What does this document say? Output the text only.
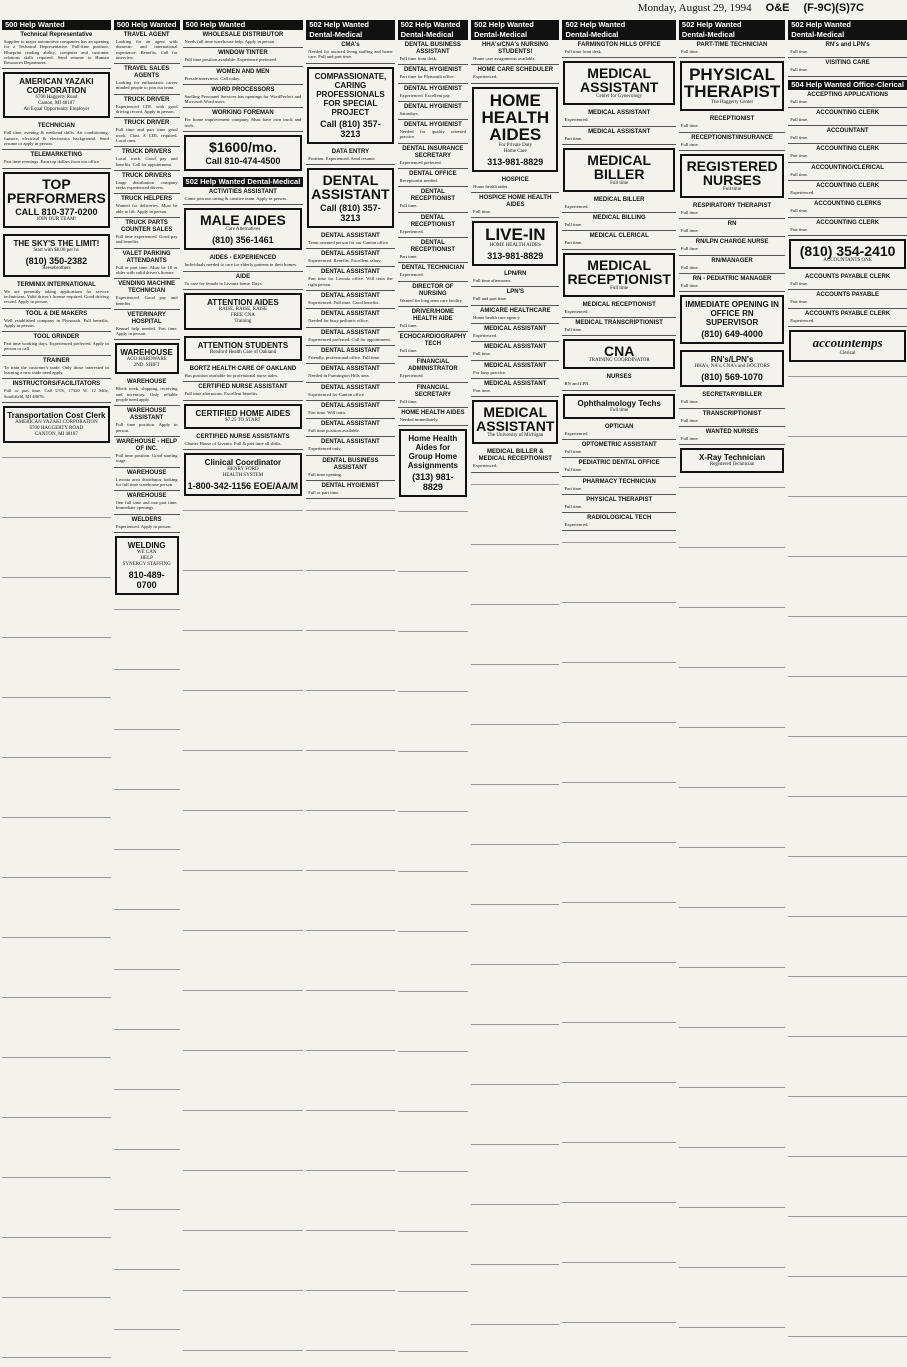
Monday, August 29, 1994 O&E (F-9C)(S)7C
500 Help Wanted
Technical Representative
Supplier to major automotive companies has an opening for a Technical Representative. Full-time position. Blueprint reading ability, computer and customer relations skills required. Send resume to Human Resources Department.
AMERICAN YAZAKI CORPORATION
6700 Haggerty Road
Canton, MI 48187
An Equal Opportunity Employer
TECHNICIAN
Full time, evening & weekend shifts. Air conditioning, furnace, electrical & electronics background. Send resume or apply in person.
TELEMARKETING
Part time evenings. Earn top dollars from our office.
TOP PERFORMERS
CALL 810-377-0200
JOIN OUR TEAM!
THE SKY'S THE LIMIT!
Start with $8.00 per hr.
(810) 350-2382
Reesebrothers
TERMINIX INTERNATIONAL
We are presently taking applications for service technicians. Valid driver's license required. Good driving record. Apply in person.
TOOL & DIE MAKERS
Well established company in Plymouth. Full benefits. Apply in person.
TOOL GRINDER
Part time working days. Experienced preferred. Apply in person or call.
TRAINER
To train the customer's trade. Only those interested in learning a new trade need apply.
INSTRUCTORS/FACILITATORS
Full or part time. Call UTS, 17320 W. 12 Mile, Southfield, MI 48076.
Transportation Cost Clerk
AMERICAN YAZAKI CORPORATION
6700 HAGGERTY ROAD
CANTON, MI 48187
500 Help Wanted
TRAVEL AGENT
Looking for an agent with domestic and international experience. Benefits. Call for interview.
TRAVEL SALES AGENTS
Looking for enthusiastic career minded people to join our team.
TRUCK DRIVER
Experienced CDL with good driving record. Apply in person.
TRUCK DRIVER
Full time and part time good work. Class A CDL required. Local runs.
TRUCK DRIVERS
Local work. Good pay and benefits. Call for appointment.
TRUCK DRIVERS
Large distribution company seeks experienced drivers.
TRUCK HELPERS
Wanted for deliveries. Must be able to lift. Apply in person.
TRUCK PARTS COUNTER SALES
Full time experienced. Good pay and benefits.
VALET PARKING ATTENDANTS
Full or part time. Must be 18 or older with valid driver's license.
VENDING MACHINE TECHNICIAN
Experienced. Good pay and benefits.
VETERINARY HOSPITAL
Kennel help needed. Part time. Apply in person.
WAREHOUSE
ACO HARDWARE
2ND. SHIFT
WAREHOUSE
Block work, shipping, receiving and inventory. Only reliable people need apply.
WAREHOUSE ASSISTANT
Full time position. Apply in person.
WAREHOUSE - HELP OF INC.
Full time position. Good starting wage.
WAREHOUSE
Livonia area distributor looking for full time warehouse person.
WAREHOUSE
One full time and one part time. Immediate openings.
WELDERS
Experienced. Apply in person.
WELDING
WE CAN
HELP
SYNERGY STAFFING
810-489-0700
500 Help Wanted
WHOLESALE DISTRIBUTOR
Needs full time warehouse help. Apply in person.
WINDOW TINTER
Full time position available. Experience preferred.
WOMEN AND MEN
Presale interviews. Call today.
WORD PROCESSORS
Snelling Personnel Services has openings for WordPerfect and Microsoft Word users.
WORKING FOREMAN
For home improvement company. Must have own truck and tools.
$1600/mo.
Call 810-474-4500
502 Help Wanted Dental-Medical
ACTIVITIES ASSISTANT
Come join our caring & creative team. Apply in person.
MALE AIDES
Care Alternatives
(810) 356-1461
AIDES - EXPERIENCED
Individuals needed to care for elderly patients in their homes.
AIDE
To care for female in Livonia home. Days.
ATTENTION AIDES
RAISE, RAISE, RAISE
FREE CNA
Training
ATTENTION STUDENTS
Botsford Health Care of Oakland
BORTZ HEALTH CARE OF OAKLAND
Has position available for professional nurse aides.
CERTIFIED NURSE ASSISTANT
Full time afternoons. Excellent benefits.
CERTIFIED HOME AIDES
$7.25 TO START
CERTIFIED NURSE ASSISTANTS
Charter House of Livonia. Full & part time all shifts.
Clinical Coordinator
HENRY FORD
HEALTH SYSTEM
1-800-342-1156 EOE/AA/M
502 Help Wanted
Dental-Medical
CMA's
Needed for assisted living staffing and home care. Full and part time.
COMPASSIONATE, CARING PROFESSIONALS FOR SPECIAL PROJECT
Call (810) 357-3213
DATA ENTRY
Position. Experienced. Send resume.
DENTAL ASSISTANT
Call (810) 357-3213
DENTAL ASSISTANT
Team oriented person for our Canton office.
DENTAL ASSISTANT
Experienced. Benefits. Excellent salary.
DENTAL ASSISTANT
Part time for Livonia office. Will train the right person.
DENTAL ASSISTANT
Experienced. Full time. Good benefits.
DENTAL ASSISTANT
Needed for busy pediatric office.
DENTAL ASSISTANT
Experienced preferred. Call for appointment.
DENTAL ASSISTANT
Friendly, professional office. Full time.
DENTAL ASSISTANT
Needed in Farmington Hills area.
DENTAL ASSISTANT
Experienced for Canton office.
DENTAL ASSISTANT
Part time. Will train.
DENTAL ASSISTANT
Full time position available.
DENTAL ASSISTANT
Experienced only.
DENTAL BUSINESS ASSISTANT
Full time opening.
DENTAL HYGIENIST
Full or part time.
502 Help Wanted
Dental-Medical
DENTAL BUSINESS ASSISTANT
Full time front desk.
DENTAL HYGIENIST
Part time for Plymouth office.
DENTAL HYGIENIST
Experienced. Excellent pay.
DENTAL HYGIENIST
Saturdays.
DENTAL HYGIENIST
Needed for quality oriented practice.
DENTAL INSURANCE SECRETARY
Experienced preferred.
DENTAL OFFICE
Receptionist needed.
DENTAL RECEPTIONIST
Full time.
DENTAL RECEPTIONIST
Experienced.
DENTAL RECEPTIONIST
Part time.
DENTAL TECHNICIAN
Experienced.
DIRECTOR OF NURSING
Wanted for long term care facility.
DRIVER/HOME HEALTH AIDE
Full time.
ECHOCARDIOGRAPHY TECH
Full time.
FINANCIAL ADMINISTRATOR
Experienced.
FINANCIAL SECRETARY
Full time.
HOME HEALTH AIDES
Needed immediately.
Home Health Aides for Group Home Assignments
(313) 981-8829
502 Help Wanted
Dental-Medical
HHA's/CNA's NURSING STUDENTS!
Home care assignments available.
HOME CARE SCHEDULER
Experienced.
HOME HEALTH AIDES
For Private Duty
Home Care
313-981-8829
HOSPICE
Home health aides.
HOSPICE HOME HEALTH AIDES
Full time.
LIVE-IN
HOME HEALTH AIDES
313-981-8829
LPN/RN
Full time afternoons.
LPN'S
Full and part time.
AMICARE HEALTHCARE
Home health care agency.
MEDICAL ASSISTANT
Experienced.
MEDICAL ASSISTANT
Full time.
MEDICAL ASSISTANT
For busy practice.
MEDICAL ASSISTANT
Part time.
MEDICAL ASSISTANT
The University of Michigan
MEDICAL BILLER & MEDICAL RECEPTIONIST
Experienced.
502 Help Wanted
Dental-Medical
FARMINGTON HILLS OFFICE
Full time front desk.
MEDICAL ASSISTANT
Center for Gynecology
MEDICAL ASSISTANT
Experienced.
MEDICAL ASSISTANT
Part time.
MEDICAL BILLER
Full time
MEDICAL BILLER
Experienced.
MEDICAL BILLING
Full time.
MEDICAL CLERICAL
Part time.
MEDICAL RECEPTIONIST
Full time
MEDICAL RECEPTIONIST
Experienced.
MEDICAL TRANSCRIPTIONIST
Full time.
CNA
TRAINING COORDINATOR
NURSES
RN and LPN.
Ophthalmology Techs
Full time
OPTICIAN
Experienced.
OPTOMETRIC ASSISTANT
Full time.
PEDIATRIC DENTAL OFFICE
Full time.
PHARMACY TECHNICIAN
Part time.
PHYSICAL THERAPIST
Full time.
RADIOLOGICAL TECH
Experienced.
502 Help Wanted
Dental-Medical
PART-TIME TECHNICIAN
Full time.
PHYSICAL THERAPIST
The Haggerty Center
RECEPTIONIST
Full time.
RECEPTIONIST/INSURANCE
Full time.
REGISTERED NURSES
Full time
RESPIRATORY THERAPIST
Full time.
RN
Full time.
RN/LPN CHARGE NURSE
Full time.
RN/MANAGER
Full time.
RN - PEDIATRIC MANAGER
Full time.
IMMEDIATE OPENING IN OFFICE RN SUPERVISOR
(810) 649-4000
RN's/LPN's
HHA's, NA's, CNA's and DOCTORS
(810) 569-1070
SECRETARY/BILLER
Full time.
TRANSCRIPTIONIST
Full time.
WANTED NURSES
Full time.
X-Ray Technician
Registered Technician
502 Help Wanted
Dental-Medical
RN's and LPN's
Full time.
VISITING CARE
Full time.
504 Help Wanted Office-Clerical
ACCEPTING APPLICATIONS
Full time.
ACCOUNTING CLERK
Full time.
ACCOUNTANT
Full time.
ACCOUNTING CLERK
Part time.
ACCOUNTING/CLERICAL
Full time.
ACCOUNTING CLERK
Experienced.
ACCOUNTING CLERKS
Full time.
ACCOUNTING CLERK
Part time.
(810) 354-2410
ACCOUNTANTS ONE
ACCOUNTS PAYABLE CLERK
Full time.
ACCOUNTS PAYABLE
Part time.
ACCOUNTS PAYABLE CLERK
Experienced.
accountemps
Clerical
